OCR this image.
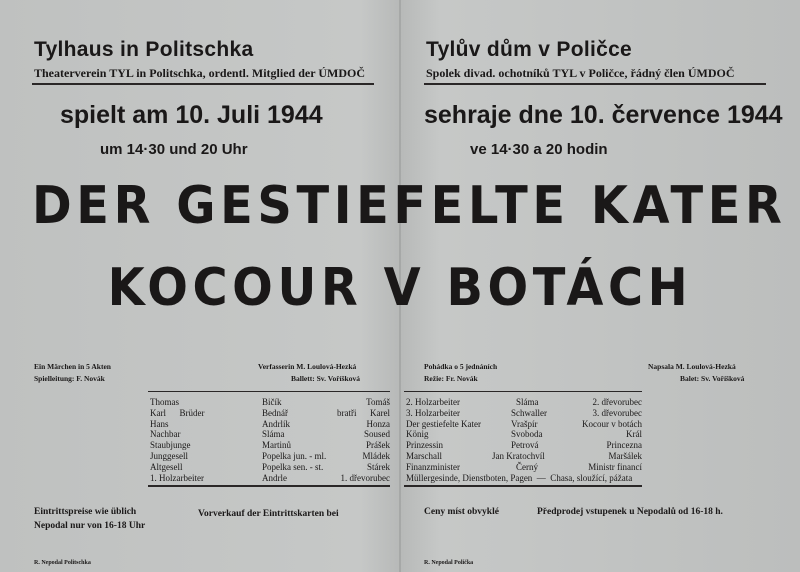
Tylhaus in Politschka
Theaterverein TYL in Politschka, ordentl. Mitglied der ÚMDOČ
spielt am 10. Juli 1944
um 14·30 und 20 Uhr
Tylův dům v Poličce
Spolek divad. ochotníků TYL v Poličce, řádný člen ÚMDOČ
sehraje dne 10. července 1944
ve 14·30 a 20 hodin
DER GESTIEFELTE KATER
KOCOUR V BOTÁCH
Ein Märchen in 5 Akten
Spielleitung: F. Novák
Verfasserin M. Loulová-Hezká
Ballett: Sv. Voříšková
Pohádka o 5 jednáních
Režie: Fr. Novák
Napsala M. Loulová-Hezká
Balet: Sv. Voříšková
Thomas	Bičík	Tomáš
Karl      Brüder	Bednář	bratři      Karel
Hans	Andrlík	Honza
Nachbar	Sláma	Soused
Staubjunge	Martinů	Prášek
Junggesell	Popelka jun. - ml.	Mládek
Altgesell	Popelka sen. - st.	Stárek
1. Holzarbeiter	Andrle	1. dřevorubec
2. Holzarbeiter	Sláma	2. dřevorubec
3. Holzarbeiter	Schwaller	3. dřevorubec
Der gestiefelte Kater	Vrašpír	Kocour v botách
König	Svoboda	Král
Prinzessin	Petrová	Princezna
Marschall	Jan Kratochvíl	Maršálek
Finanzminister	Černý	Ministr financí
Müllergesinde, Dienstboten, Pagen  —  Chasa, sloužící, pážata
Eintrittspreise wie üblich
Nepodal nur von 16-18 Uhr
Vorverkauf der Eintrittskarten bei	Ceny míst obvyklé	Předprodej vstupenek u Nepodalů od 16-18 h.
R. Nepodal Politschka	R. Nepodal Polička
